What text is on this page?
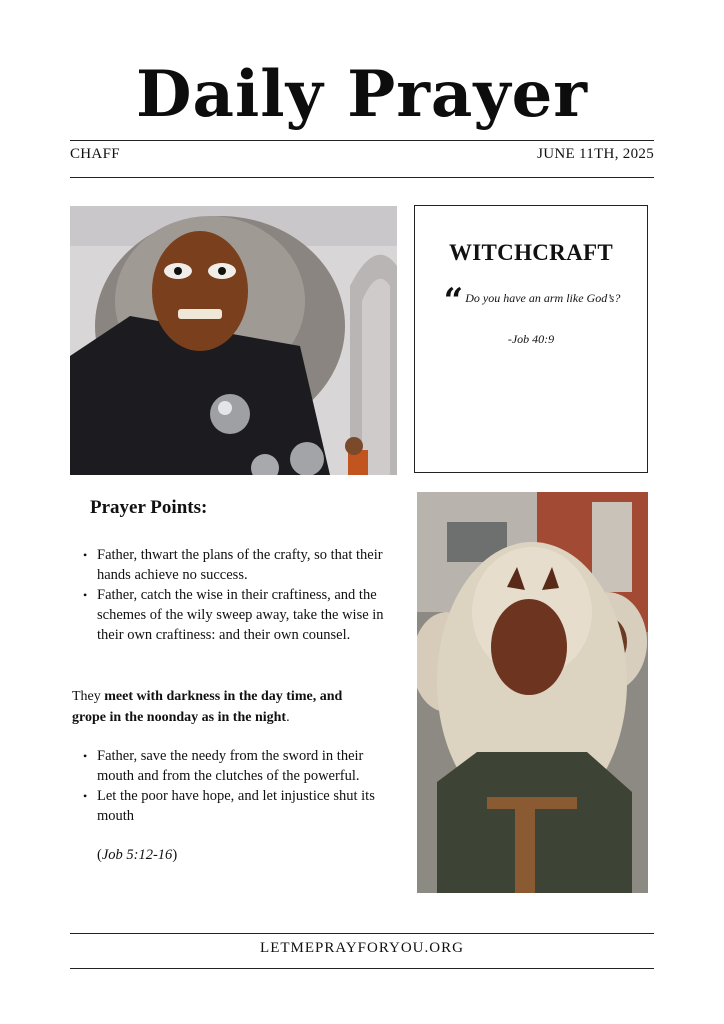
Daily Prayer
CHAFF	JUNE 11TH, 2025
WITCHCRAFT
“ Do you have an arm like God’s?
-Job 40:9
Prayer Points:
• Father, thwart the plans of the crafty, so that their hands achieve no success.
• Father, catch the wise in their craftiness, and the schemes of the wily sweep away, take the wise in their own craftiness: and their own counsel.
They meet with darkness in the day time, and grope in the noonday as in the night.
• Father, save the needy from the sword in their mouth and from the clutches of the powerful.
• Let the poor have hope, and let injustice shut its mouth
(Job 5:12-16)
LETMEPRAYFORYOU.ORG
